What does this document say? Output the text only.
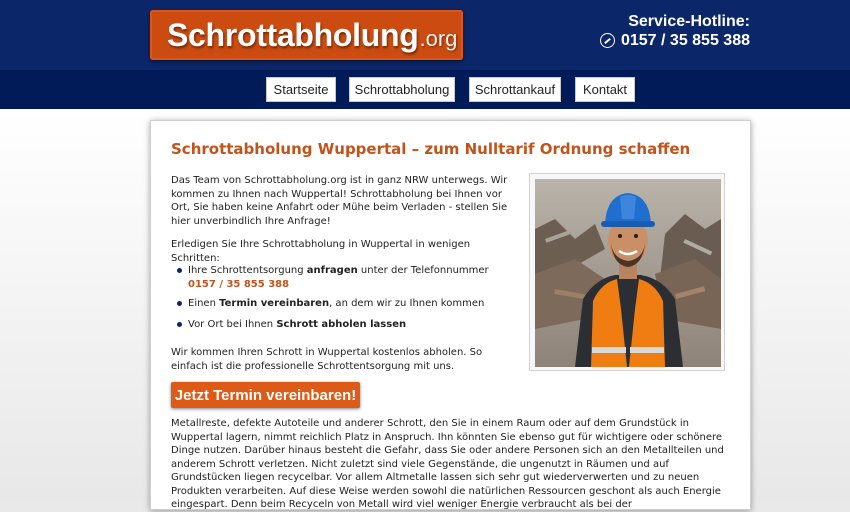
Schrottabholung .org
Service-Hotline:
0157 / 35 855 388
Startseite	Schrottabholung	Schrottankauf	Kontakt
Schrottabholung Wuppertal – zum Nulltarif Ordnung schaffen

Das Team von Schrottabholung.org ist in ganz NRW unterwegs. Wir kommen zu Ihnen nach Wuppertal! Schrottabholung bei Ihnen vor Ort, Sie haben keine Anfahrt oder Mühe beim Verladen - stellen Sie hier unverbindlich Ihre Anfrage!

Erledigen Sie Ihre Schrottabholung in Wuppertal in wenigen Schritten:

Ihre Schrottentsorgung anfragen unter der Telefonnummer
0157 / 35 855 388
Einen Termin vereinbaren, an dem wir zu Ihnen kommen
Vor Ort bei Ihnen Schrott abholen lassen

Wir kommen Ihren Schrott in Wuppertal kostenlos abholen. So einfach ist die professionelle Schrottentsorgung mit uns.

Jetzt Termin vereinbaren!

Metallreste, defekte Autoteile und anderer Schrott, den Sie in einem Raum oder auf dem Grundstück in Wuppertal lagern, nimmt reichlich Platz in Anspruch. Ihn könnten Sie ebenso gut für wichtigere oder schönere Dinge nutzen. Darüber hinaus besteht die Gefahr, dass Sie oder andere Personen sich an den Metallteilen und anderem Schrott verletzen. Nicht zuletzt sind viele Gegenstände, die ungenutzt in Räumen und auf Grundstücken liegen recycelbar. Vor allem Altmetalle lassen sich sehr gut wiederverwerten und zu neuen Produkten verarbeiten. Auf diese Weise werden sowohl die natürlichen Ressourcen geschont als auch Energie eingespart. Denn beim Recyceln von Metall wird viel weniger Energie verbraucht als bei der
